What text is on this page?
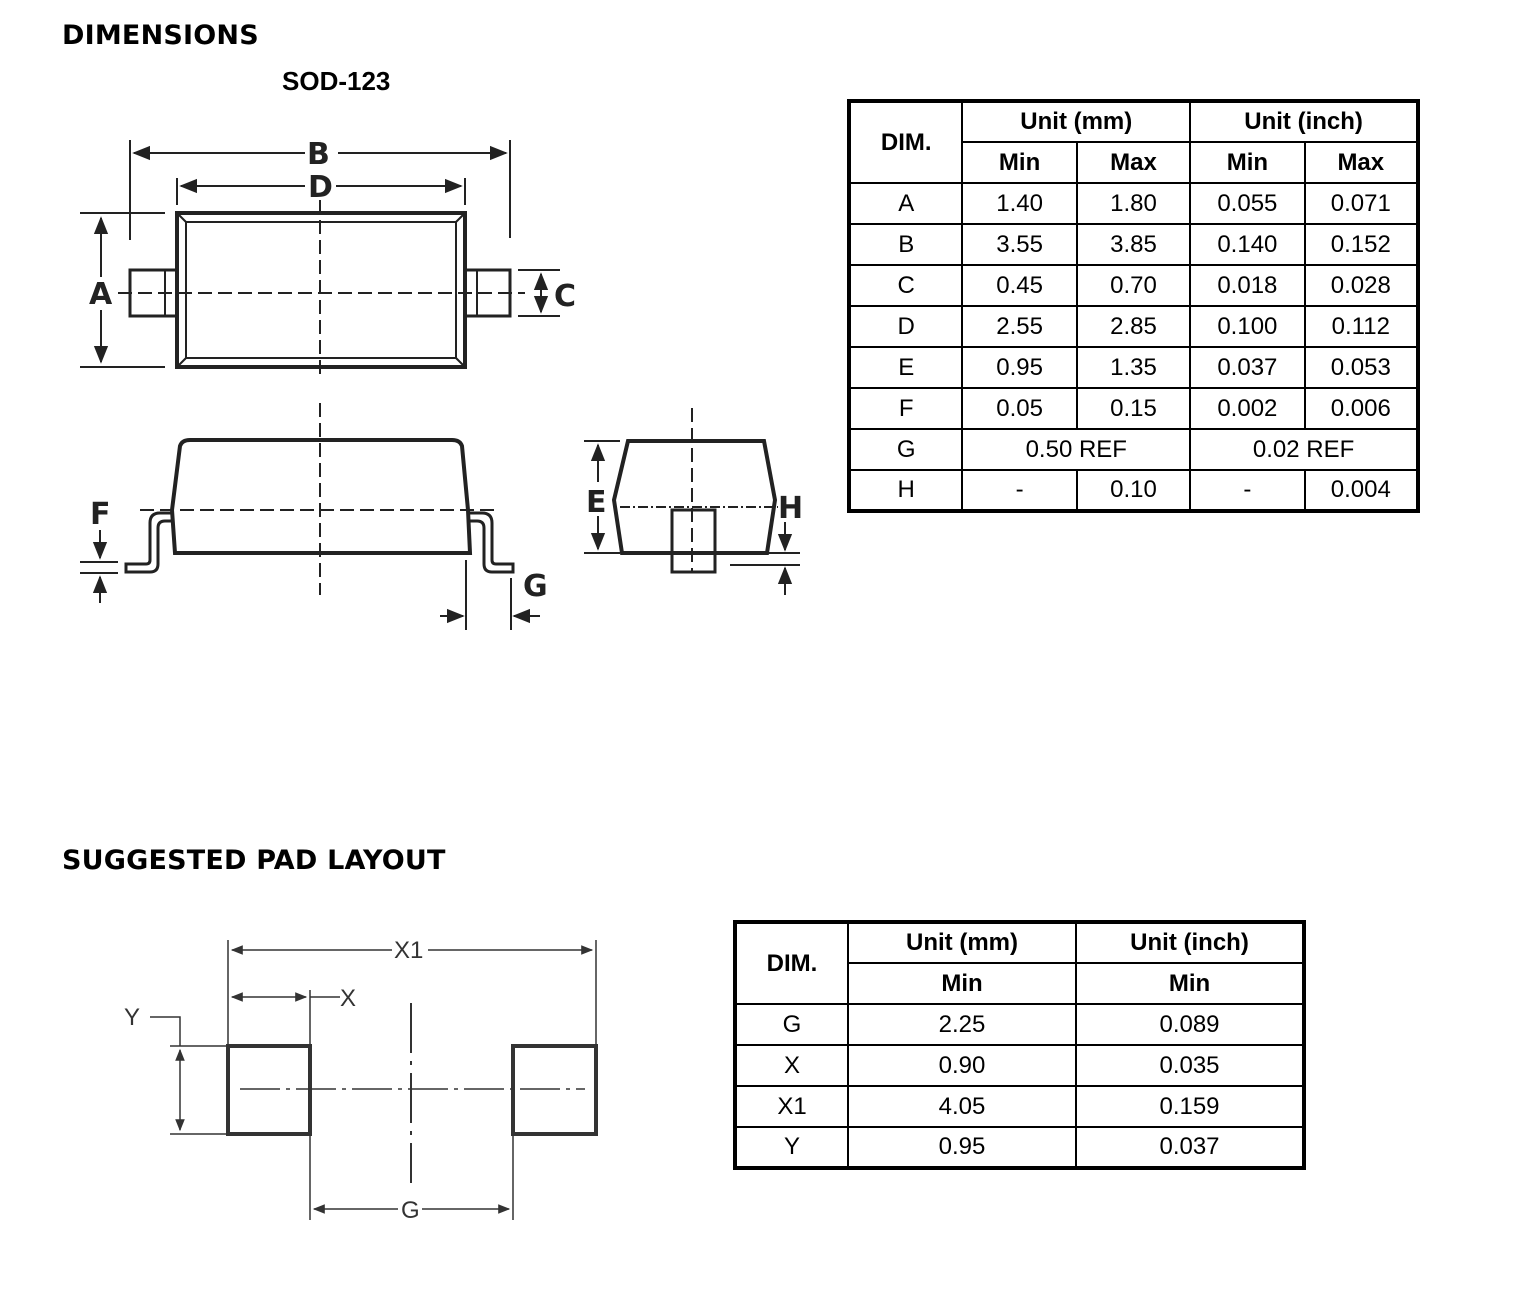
DIMENSIONS
SOD-123
SUGGESTED PAD LAYOUT
B
D
A	C
F
G
E	H
DIM.	Unit (mm)		Unit (inch)	
	Min	Max	Min	Max
A	1.40	1.80	0.055	0.071
B	3.55	3.85	0.140	0.152
C	0.45	0.70	0.018	0.028
D	2.55	2.85	0.100	0.112
E	0.95	1.35	0.037	0.053
F	0.05	0.15	0.002	0.006
G	0.50 REF		0.02 REF	
H	-	0.10	-	0.004
X1
X
Y
G
DIM.	Unit (mm)	Unit (inch)
	Min	Min
G	2.25	0.089
X	0.90	0.035
X1	4.05	0.159
Y	0.95	0.037
